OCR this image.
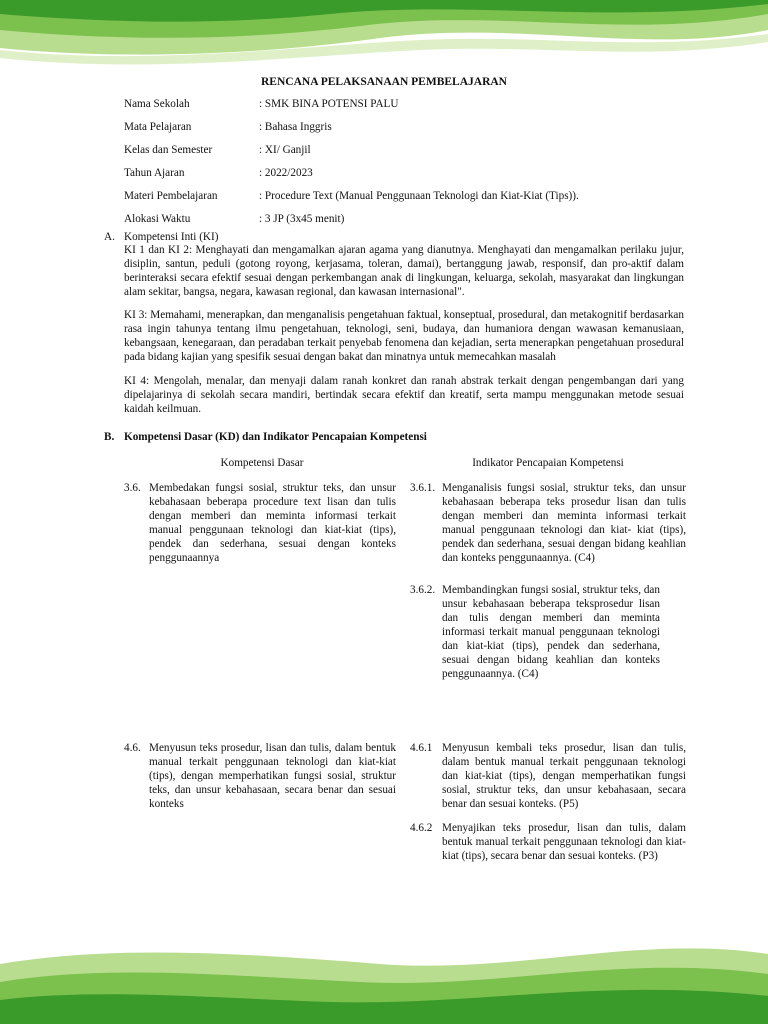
RENCANA PELAKSANAAN PEMBELAJARAN
Nama Sekolah	: SMK BINA POTENSI PALU
Mata Pelajaran	: Bahasa Inggris
Kelas dan Semester	: XI/ Ganjil
Tahun Ajaran	: 2022/2023
Materi Pembelajaran	: Procedure Text (Manual Penggunaan Teknologi dan Kiat-Kiat (Tips)).
Alokasi Waktu	: 3 JP (3x45 menit)
A. Kompetensi Inti (KI)
KI 1 dan KI 2: Menghayati dan mengamalkan ajaran agama yang dianutnya. Menghayati dan mengamalkan perilaku jujur, disiplin, santun, peduli (gotong royong, kerjasama, toleran, damai), bertanggung jawab, responsif, dan pro-aktif dalam berinteraksi secara efektif sesuai dengan perkembangan anak di lingkungan, keluarga, sekolah, masyarakat dan lingkungan alam sekitar, bangsa, negara, kawasan regional, dan kawasan internasional".
KI 3: Memahami, menerapkan, dan menganalisis pengetahuan faktual, konseptual, prosedural, dan metakognitif berdasarkan rasa ingin tahunya tentang ilmu pengetahuan, teknologi, seni, budaya, dan humaniora dengan wawasan kemanusiaan, kebangsaan, kenegaraan, dan peradaban terkait penyebab fenomena dan kejadian, serta menerapkan pengetahuan prosedural pada bidang kajian yang spesifik sesuai dengan bakat dan minatnya untuk memecahkan masalah
KI 4: Mengolah, menalar, dan menyaji dalam ranah konkret dan ranah abstrak terkait dengan pengembangan dari yang dipelajarinya di sekolah secara mandiri, bertindak secara efektif dan kreatif, serta mampu menggunakan metode sesuai kaidah keilmuan.
B. Kompetensi Dasar (KD) dan Indikator Pencapaian Kompetensi
Kompetensi Dasar	Indikator Pencapaian Kompetensi
3.6. Membedakan fungsi sosial, struktur teks, dan unsur kebahasaan beberapa procedure text lisan dan tulis dengan memberi dan meminta informasi terkait manual penggunaan teknologi dan kiat-kiat (tips), pendek dan sederhana, sesuai dengan konteks penggunaannya
3.6.1. Menganalisis fungsi sosial, struktur teks, dan unsur kebahasaan beberapa teks prosedur lisan dan tulis dengan memberi dan meminta informasi terkait manual penggunaan teknologi dan kiat- kiat (tips), pendek dan sederhana, sesuai dengan bidang keahlian dan konteks penggunaannya. (C4)
3.6.2. Membandingkan fungsi sosial, struktur teks, dan unsur kebahasaan beberapa teksprosedur lisan dan tulis dengan memberi dan meminta informasi terkait manual penggunaan teknologi dan kiat-kiat (tips), pendek dan sederhana, sesuai dengan bidang keahlian dan konteks penggunaannya. (C4)
4.6. Menyusun teks prosedur, lisan dan tulis, dalam bentuk manual terkait penggunaan teknologi dan kiat-kiat (tips), dengan memperhatikan fungsi sosial, struktur teks, dan unsur kebahasaan, secara benar dan sesuai konteks
4.6.1 Menyusun kembali teks prosedur, lisan dan tulis, dalam bentuk manual terkait penggunaan teknologi dan kiat-kiat (tips), dengan memperhatikan fungsi sosial, struktur teks, dan unsur kebahasaan, secara benar dan sesuai konteks. (P5)
4.6.2 Menyajikan teks prosedur, lisan dan tulis, dalam bentuk manual terkait penggunaan teknologi dan kiat-kiat (tips), secara benar dan sesuai konteks. (P3)
